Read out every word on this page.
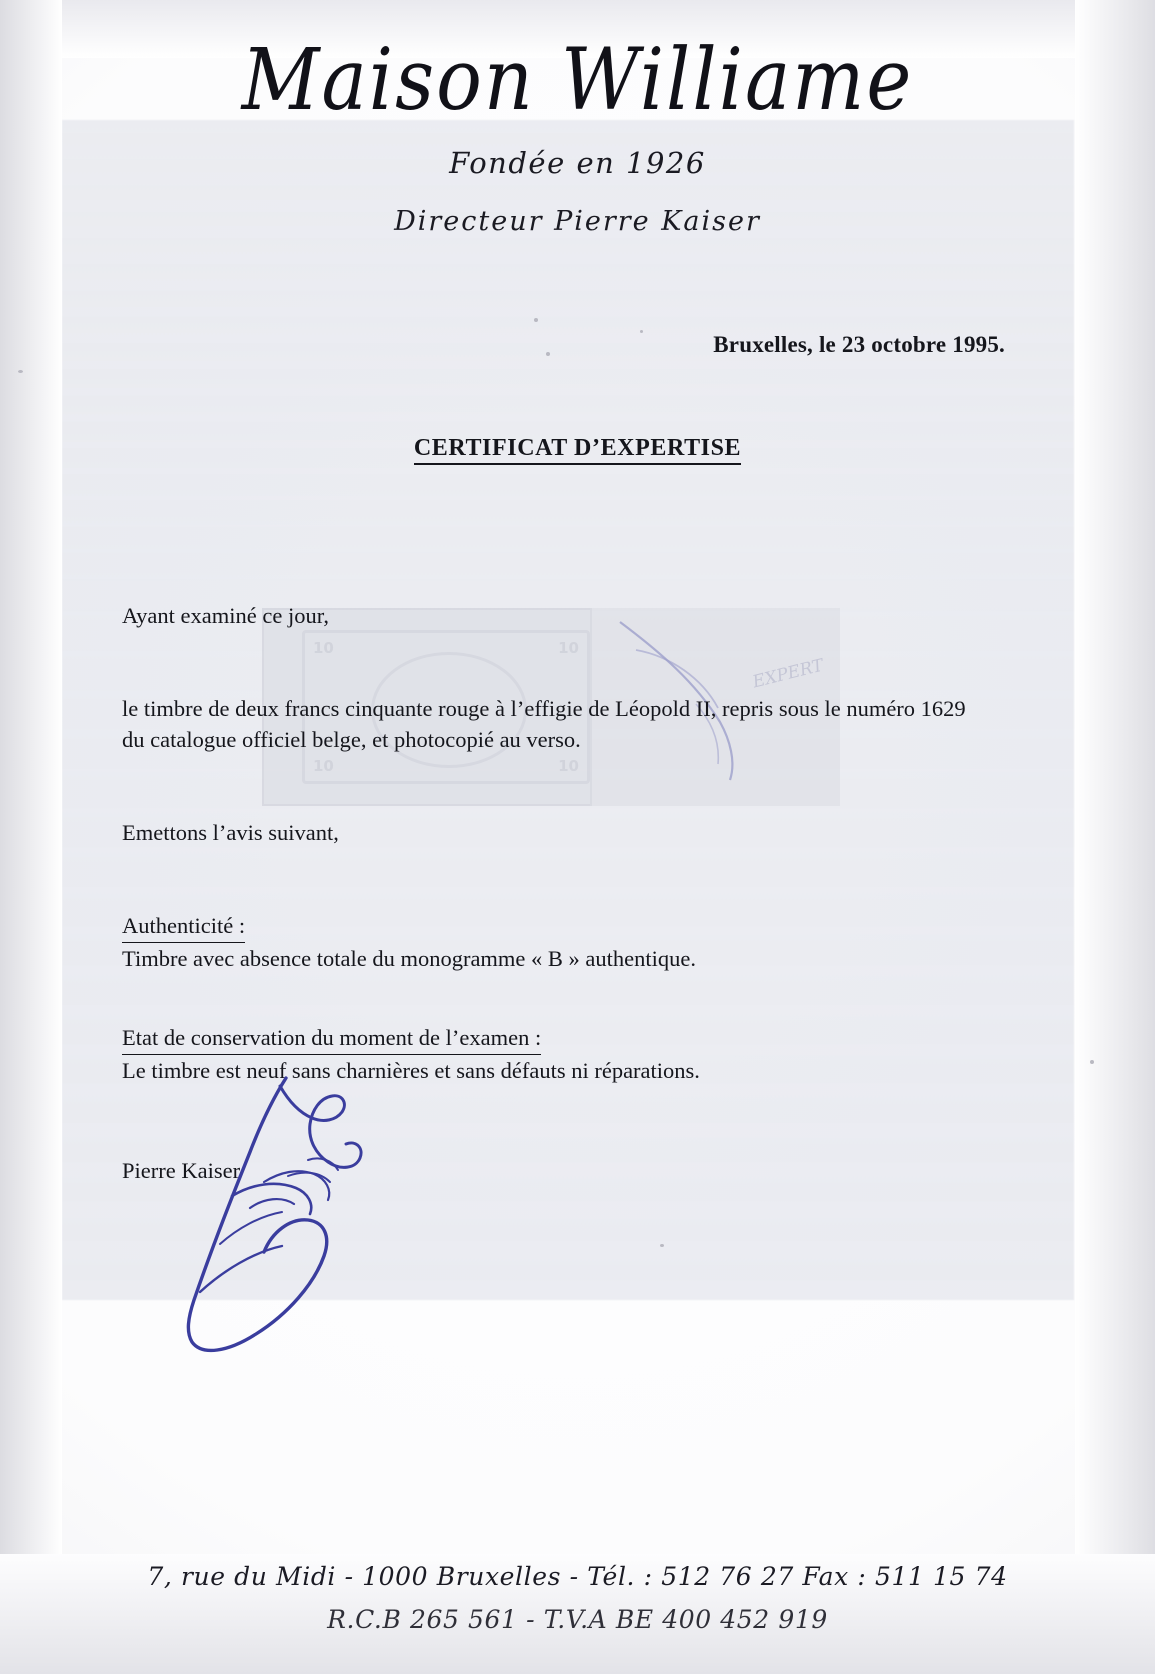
10	10
10	10
EXPERT
Maison Williame
Fondée en 1926
Directeur Pierre Kaiser
Bruxelles, le 23 octobre 1995.
CERTIFICAT D’EXPERTISE
Ayant examiné ce jour,
le timbre de deux francs cinquante rouge à l’effigie de Léopold II, repris sous le numéro 1629
du catalogue officiel belge, et photocopié au verso.
Emettons l’avis suivant,
Authenticité :
Timbre avec absence totale du monogramme « B » authentique.
Etat de conservation du moment de l’examen :
Le timbre est neuf sans charnières et sans défauts ni réparations.
Pierre Kaiser
7, rue du Midi - 1000 Bruxelles - Tél. : 512 76 27 Fax : 511 15 74
R.C.B 265 561 - T.V.A BE 400 452 919
